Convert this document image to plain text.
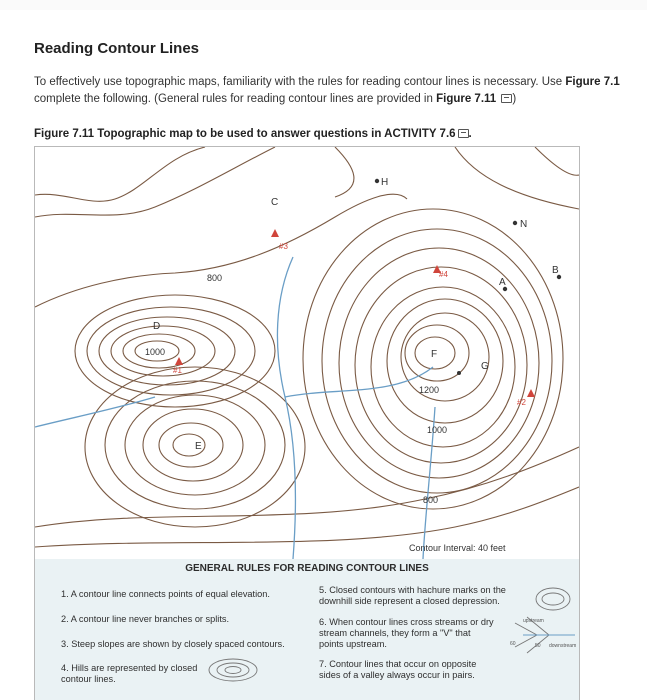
Reading Contour Lines
To effectively use topographic maps, familiarity with the rules for reading contour lines is necessary. Use Figure 7.1
complete the following. (General rules for reading contour lines are provided in Figure 7.11 )
Figure 7.11 Topographic map to be used to answer questions in ACTIVITY 7.6 .
H
C
N
B
A
D
E
F
G
800
1000
1200
1000
800
Contour Interval: 40 feet
#3
#4
#1
#2
GENERAL RULES FOR READING CONTOUR LINES
1. A contour line connects points of equal elevation.
2. A contour line never branches or splits.
3. Steep slopes are shown by closely spaced contours.
4. Hills are represented by closed
contour lines.
5. Closed contours with hachure marks on the
downhill side represent a closed depression.
6. When contour lines cross streams or dry
stream channels, they form a "V" that
points upstream.
upstream
60	50 downstream
7. Contour lines that occur on opposite
sides of a valley always occur in pairs.
